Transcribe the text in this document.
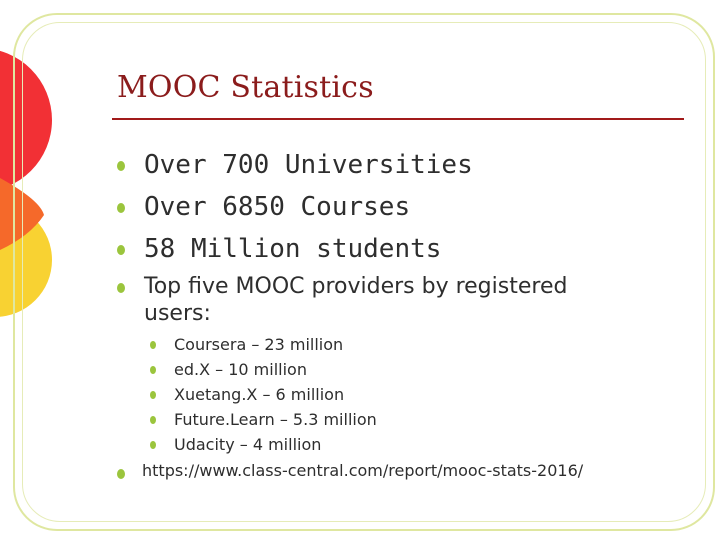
MOOC Statistics
Over 700 Universities
Over 6850 Courses
58 Million students
Top five MOOC providers by registered users:
Coursera – 23 million
ed.X – 10 million
Xuetang.X – 6 million
Future.Learn – 5.3 million
Udacity – 4 million
https://www.class-central.com/report/mooc-stats-2016/
